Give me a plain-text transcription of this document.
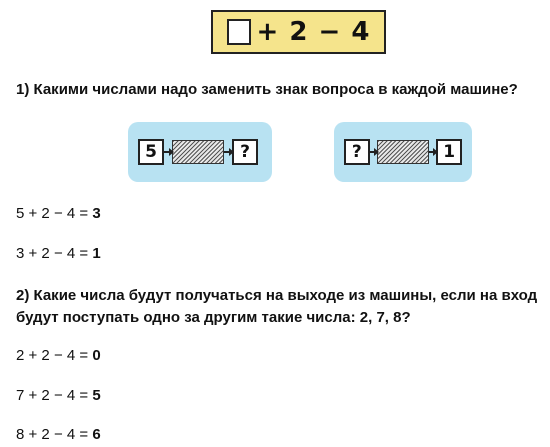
+ 2 − 4
1) Какими числами надо заменить знак вопроса в каждой машине?
5	?	?	1
5 + 2 − 4 = 3
3 + 2 − 4 = 1
2) Какие числа будут получаться на выходе из машины, если на вход будут поступать одно за другим такие числа: 2, 7, 8?
2 + 2 − 4 = 0
7 + 2 − 4 = 5
8 + 2 − 4 = 6
